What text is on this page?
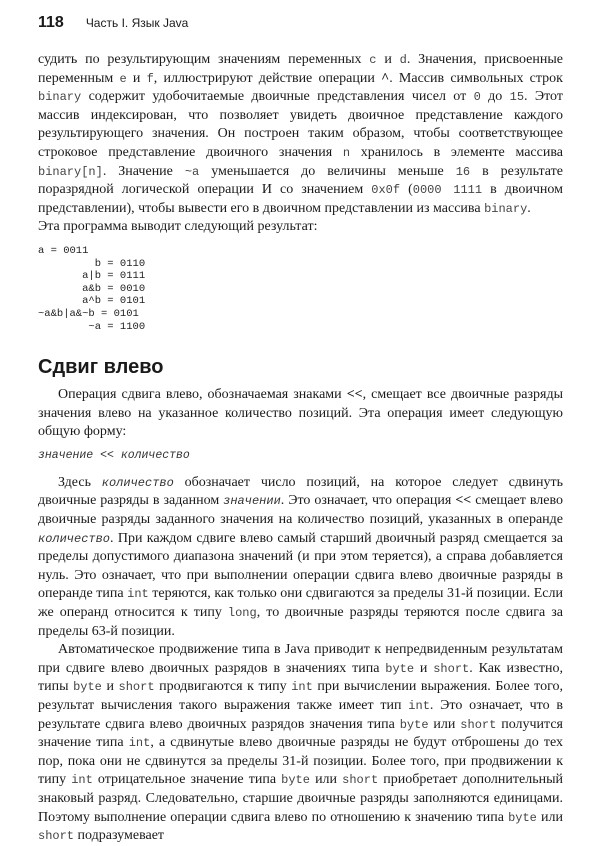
118 Часть I. Язык Java

судить по результирующим значениям переменных c и d. Значения, присвоенные переменным e и f, иллюстрируют действие операции ^. Массив символьных строк binary содержит удобочитаемые двоичные представления чисел от 0 до 15. Этот массив индексирован, что позволяет увидеть двоичное представление каждого результирующего значения. Он построен таким образом, чтобы соответствующее строковое представление двоичного значения n хранилось в элементе массива binary[n]. Значение ~a уменьшается до величины меньше 16 в результате поразрядной логической операции И со значением 0x0f (0000 1111 в двоичном представлении), чтобы вывести его в двоичном представлении из массива binary.

Эта программа выводит следующий результат:

a = 0011
b = 0110
a|b = 0111
a&b = 0010
a^b = 0101
~a&b|a&~b = 0101
~a = 1100
Сдвиг влево

Операция сдвига влево, обозначаемая знаками <<, смещает все двоичные разряды значения влево на указанное количество позиций. Эта операция имеет следующую общую форму:

значение << количество

Здесь количество обозначает число позиций, на которое следует сдвинуть двоичные разряды в заданном значении. Это означает, что операция << смещает влево двоичные разряды заданного значения на количество позиций, указанных в операнде количество. При каждом сдвиге влево самый старший двоичный разряд смещается за пределы допустимого диапазона значений (и при этом теряется), а справа добавляется нуль. Это означает, что при выполнении операции сдвига влево двоичные разряды в операнде типа int теряются, как только они сдвигаются за пределы 31-й позиции. Если же операнд относится к типу long, то двоичные разряды теряются после сдвига за пределы 63-й позиции.

Автоматическое продвижение типа в Java приводит к непредвиденным результатам при сдвиге влево двоичных разрядов в значениях типа byte и short. Как известно, типы byte и short продвигаются к типу int при вычислении выражения. Более того, результат вычисления такого выражения также имеет тип int. Это означает, что в результате сдвига влево двоичных разрядов значения типа byte или short получится значение типа int, а сдвинутые влево двоичные разряды не будут отброшены до тех пор, пока они не сдвинутся за пределы 31-й позиции. Более того, при продвижении к типу int отрицательное значение типа byte или short приобретает дополнительный знаковый разряд. Следовательно, старшие двоичные разряды заполняются единицами. Поэтому выполнение операции сдвига влево по отношению к значению типа byte или short подразумевает
